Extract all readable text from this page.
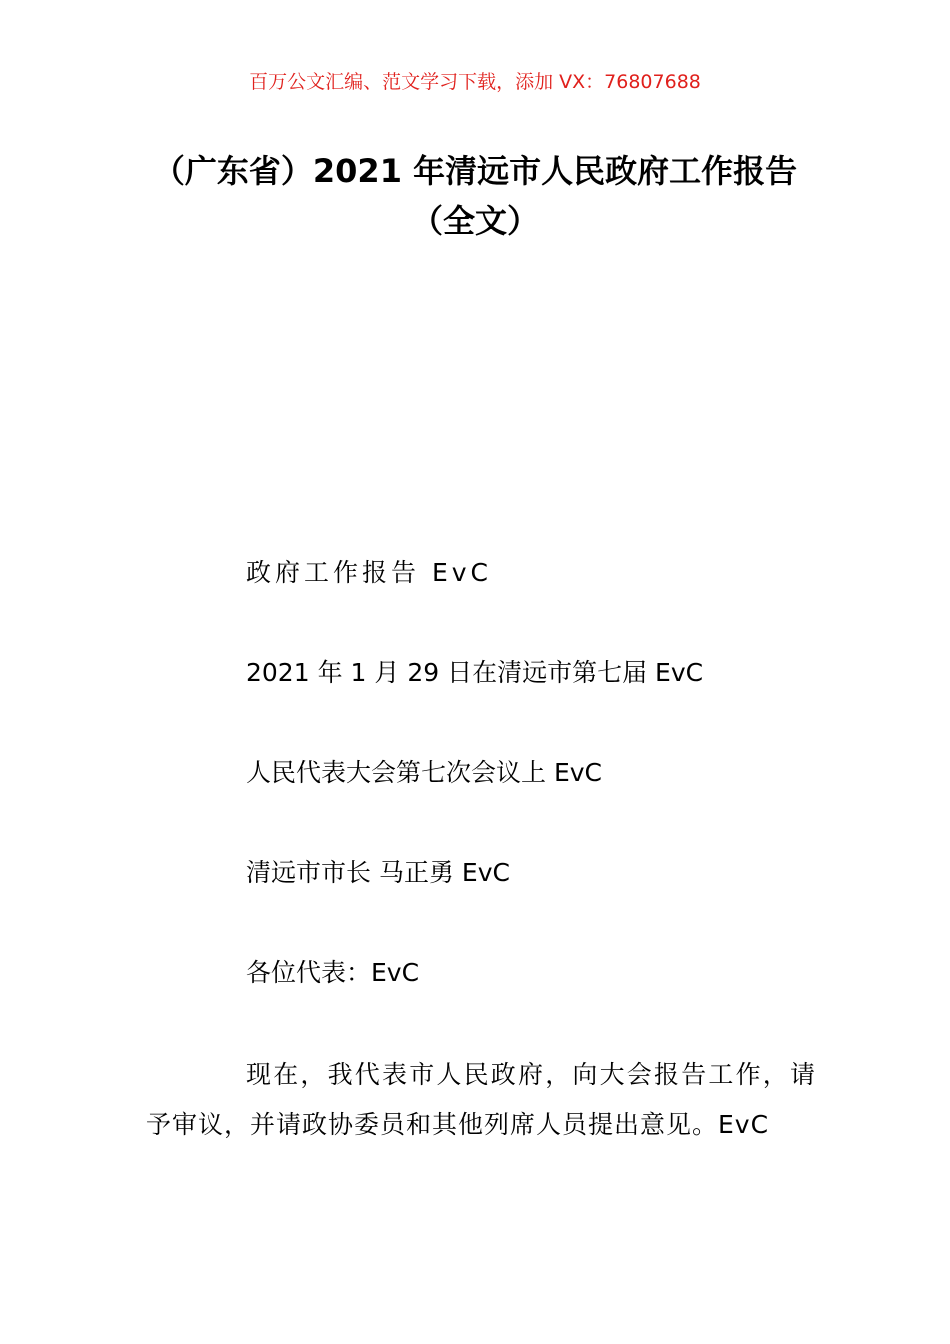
百万公文汇编、范文学习下载，添加 VX：76807688
（广东省）2021 年清远市人民政府工作报告（全文）
政府工作报告 EvC
2021 年 1 月 29 日在清远市第七届 EvC
人民代表大会第七次会议上 EvC
清远市市长 马正勇 EvC
各位代表：EvC

现在，我代表市人民政府，向大会报告工作，请予审议，并请政协委员和其他列席人员提出意见。EvC
